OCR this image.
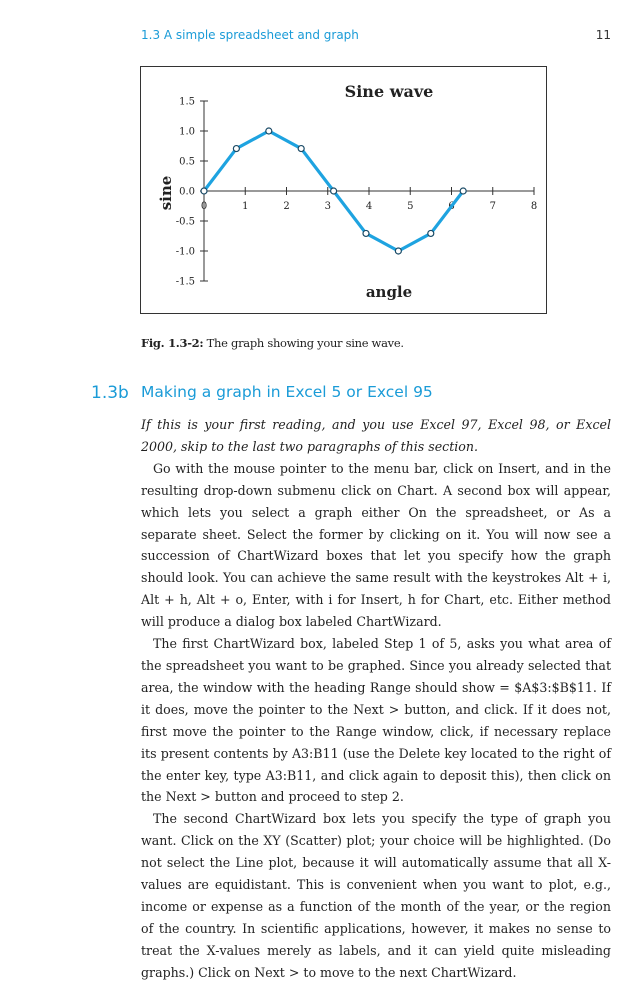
1.3 A simple spreadsheet and graph	11
Sine wave
1.5
1.0
0.5
0.0
-0.5
-1.0
-1.5
0	1	2	3	4	5	6	7	8
angle
sine
Fig. 1.3-2: The graph showing your sine wave.
1.3b Making a graph in Excel 5 or Excel 95

If this is your first reading, and you use Excel 97, Excel 98, or Excel 2000, skip to the last two paragraphs of this section.

Go with the mouse pointer to the menu bar, click on Insert, and in the resulting drop-down submenu click on Chart. A second box will appear, which lets you select a graph either On the spreadsheet, or As a separate sheet. Select the former by clicking on it. You will now see a succession of ChartWizard boxes that let you specify how the graph should look. You can achieve the same result with the keystrokes Alt + i, Alt + h, Alt + o, Enter, with i for Insert, h for Chart, etc. Either method will produce a dialog box labeled ChartWizard.

The first ChartWizard box, labeled Step 1 of 5, asks you what area of the spreadsheet you want to be graphed. Since you already selected that area, the window with the heading Range should show = $A$3:$B$11. If it does, move the pointer to the Next > button, and click. If it does not, first move the pointer to the Range window, click, if necessary replace its present contents by A3:B11 (use the Delete key located to the right of the enter key, type A3:B11, and click again to deposit this), then click on the Next > button and proceed to step 2.

The second ChartWizard box lets you specify the type of graph you want. Click on the XY (Scatter) plot; your choice will be highlighted. (Do not select the Line plot, because it will automatically assume that all X-values are equidistant. This is convenient when you want to plot, e.g., income or expense as a function of the month of the year, or the region of the country. In scientific applications, however, it makes no sense to treat the X-values merely as labels, and it can yield quite misleading graphs.) Click on Next > to move to the next ChartWizard.
